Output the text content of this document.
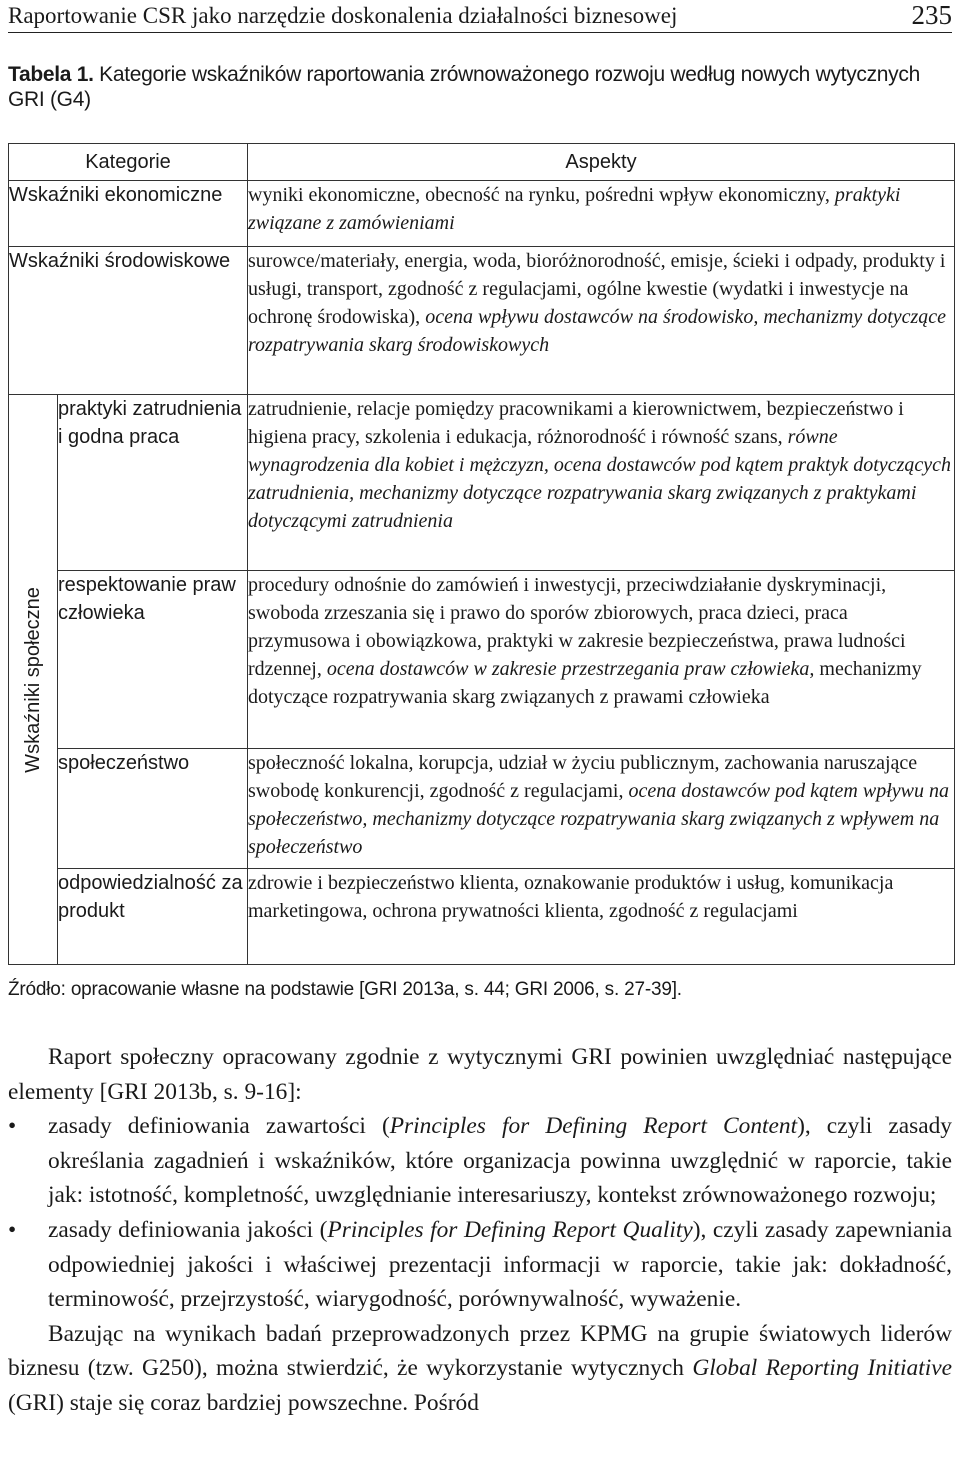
Raportowanie CSR jako narzędzie doskonalenia działalności biznesowej	235
Tabela 1. Kategorie wskaźników raportowania zrównoważonego rozwoju według nowych wytycznych GRI (G4)
Kategorie		Aspekty
Wskaźniki ekonomiczne		wyniki ekonomiczne, obecność na rynku, pośredni wpływ ekonomiczny, praktyki związane z zamówieniami
Wskaźniki środowiskowe		surowce/materiały, energia, woda, bioróżnorodność, emisje, ścieki i odpady, produkty i usługi, transport, zgodność z regulacjami, ogólne kwestie (wydatki i inwestycje na ochronę środowiska), ocena wpływu dostawców na środowisko, mechanizmy dotyczące rozpatrywania skarg środowiskowych

Wskaźniki społeczne	praktyki zatrudnienia i godna praca	zatrudnienie, relacje pomiędzy pracownikami a kierownictwem, bezpieczeństwo i higiena pracy, szkolenia i edukacja, różnorodność i równość szans, równe wynagrodzenia dla kobiet i mężczyzn, ocena dostawców pod kątem praktyk dotyczących zatrudnienia, mechanizmy dotyczące rozpatrywania skarg związanych z praktykami dotyczącymi zatrudnienia
	respektowanie praw człowieka	procedury odnośnie do zamówień i inwestycji, przeciwdziałanie dyskryminacji, swoboda zrzeszania się i prawo do sporów zbiorowych, praca dzieci, praca przymusowa i obowiązkowa, praktyki w zakresie bezpieczeństwa, prawa ludności rdzennej, ocena dostawców w zakresie przestrzegania praw człowieka, mechanizmy dotyczące rozpatrywania skarg związanych z prawami człowieka
	społeczeństwo	społeczność lokalna, korupcja, udział w życiu publicznym, zachowania naruszające swobodę konkurencji, zgodność z regulacjami, ocena dostawców pod kątem wpływu na społeczeństwo, mechanizmy dotyczące rozpatrywania skarg związanych z wpływem na społeczeństwo
	odpowiedzialność za produkt	zdrowie i bezpieczeństwo klienta, oznakowanie produktów i usług, komunikacja marketingowa, ochrona prywatności klienta, zgodność z regulacjami
Źródło: opracowanie własne na podstawie [GRI 2013a, s. 44; GRI 2006, s. 27-39].

Raport społeczny opracowany zgodnie z wytycznymi GRI powinien uwzględniać następujące elementy [GRI 2013b, s. 9-16]:

• zasady definiowania zawartości (Principles for Defining Report Content), czyli zasady określania zagadnień i wskaźników, które organizacja powinna uwzględnić w raporcie, takie jak: istotność, kompletność, uwzględnianie interesariuszy, kontekst zrównoważonego rozwoju;

• zasady definiowania jakości (Principles for Defining Report Quality), czyli zasady zapewniania odpowiedniej jakości i właściwej prezentacji informacji w raporcie, takie jak: dokładność, terminowość, przejrzystość, wiarygodność, porównywalność, wyważenie.

Bazując na wynikach badań przeprowadzonych przez KPMG na grupie światowych liderów biznesu (tzw. G250), można stwierdzić, że wykorzystanie wytycznych Global Reporting Initiative (GRI) staje się coraz bardziej powszechne. Pośród
